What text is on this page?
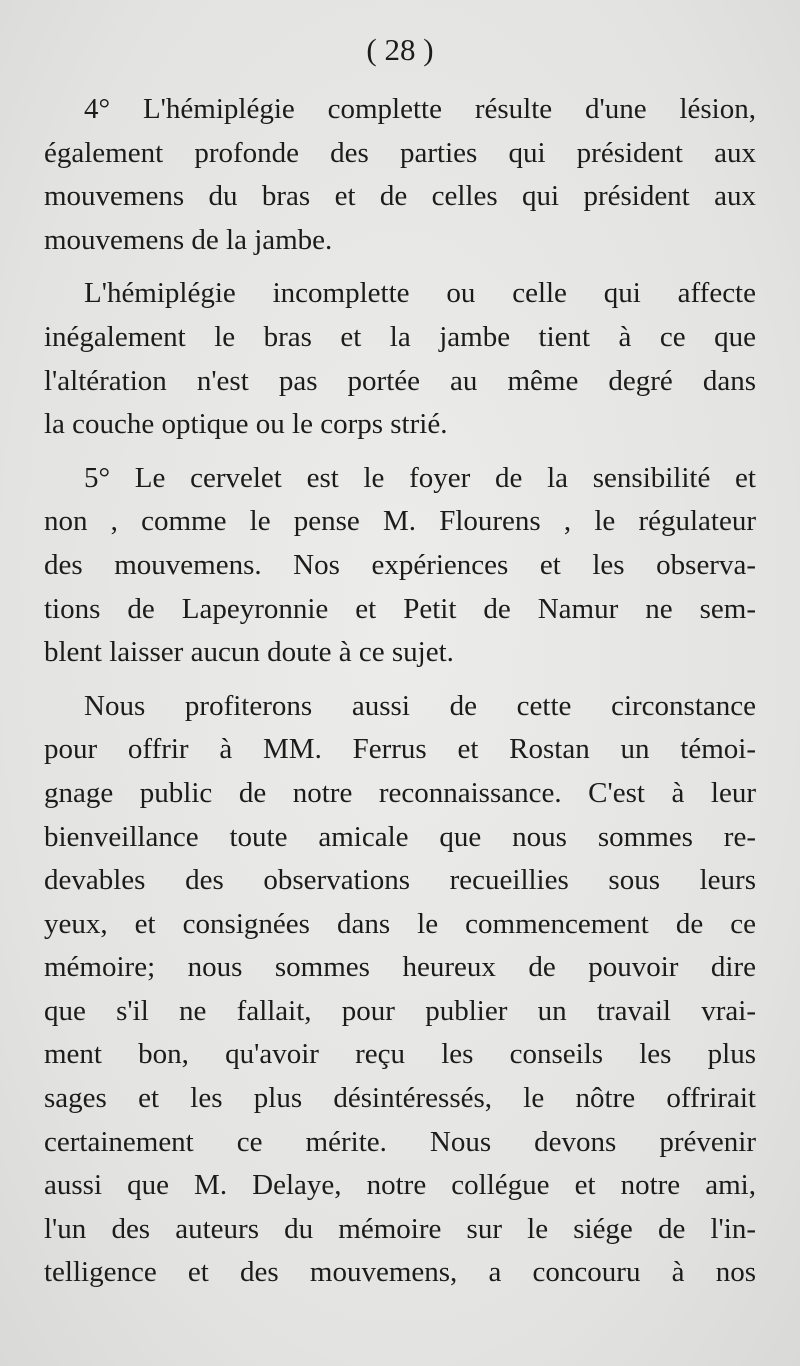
( 28 )
4° L'hémiplégie complette résulte d'une lésion,
également profonde des parties qui président aux
mouvemens du bras et de celles qui président aux
mouvemens de la jambe.
L'hémiplégie incomplette ou celle qui affecte
inégalement le bras et la jambe tient à ce que
l'altération n'est pas portée au même degré dans
la couche optique ou le corps strié.
5° Le cervelet est le foyer de la sensibilité et
non , comme le pense M. Flourens , le régulateur
des mouvemens. Nos expériences et les observa-
tions de Lapeyronnie et Petit de Namur ne sem-
blent laisser aucun doute à ce sujet.
Nous profiterons aussi de cette circonstance
pour offrir à MM. Ferrus et Rostan un témoi-
gnage public de notre reconnaissance. C'est à leur
bienveillance toute amicale que nous sommes re-
devables des observations recueillies sous leurs
yeux, et consignées dans le commencement de ce
mémoire; nous sommes heureux de pouvoir dire
que s'il ne fallait, pour publier un travail vrai-
ment bon, qu'avoir reçu les conseils les plus
sages et les plus désintéressés, le nôtre offrirait
certainement ce mérite. Nous devons prévenir
aussi que M. Delaye, notre collégue et notre ami,
l'un des auteurs du mémoire sur le siége de l'in-
telligence et des mouvemens, a concouru à nos
